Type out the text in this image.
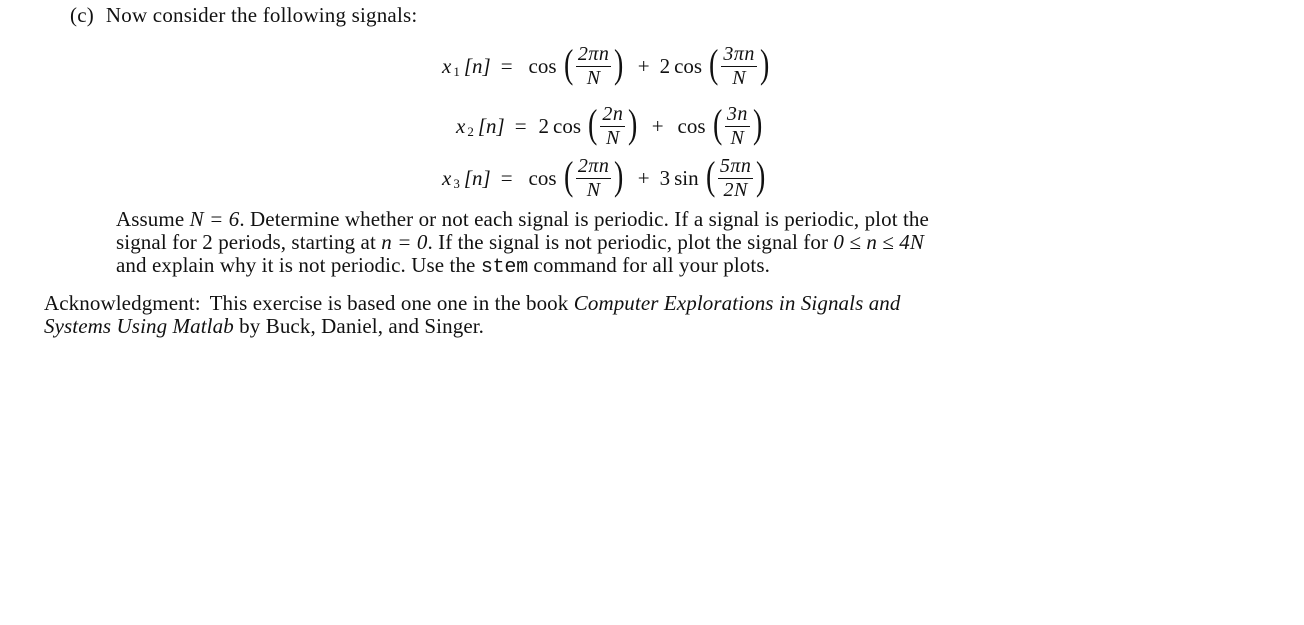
(c) Now consider the following signals:
x 1 [n] = cos ( $\frac{2\pi n}{N}$ ) + 2 cos ( $\frac{3\pi n}{N}$ )
x 2 [n] = 2 cos ( $\frac{2n}{N}$ ) + cos ( $\frac{3n}{N}$ )
x 3 [n] = cos ( $\frac{2\pi n}{N}$ ) + 3 sin ( $\frac{5\pi n}{2N}$ )
Assume N = 6. Determine whether or not each signal is periodic. If a signal is periodic, plot the
signal for 2 periods, starting at n = 0. If the signal is not periodic, plot the signal for 0 ≤ n ≤ 4N
and explain why it is not periodic. Use the stem command for all your plots.
Acknowledgment: This exercise is based one one in the book Computer Explorations in Signals and
Systems Using Matlab by Buck, Daniel, and Singer.
